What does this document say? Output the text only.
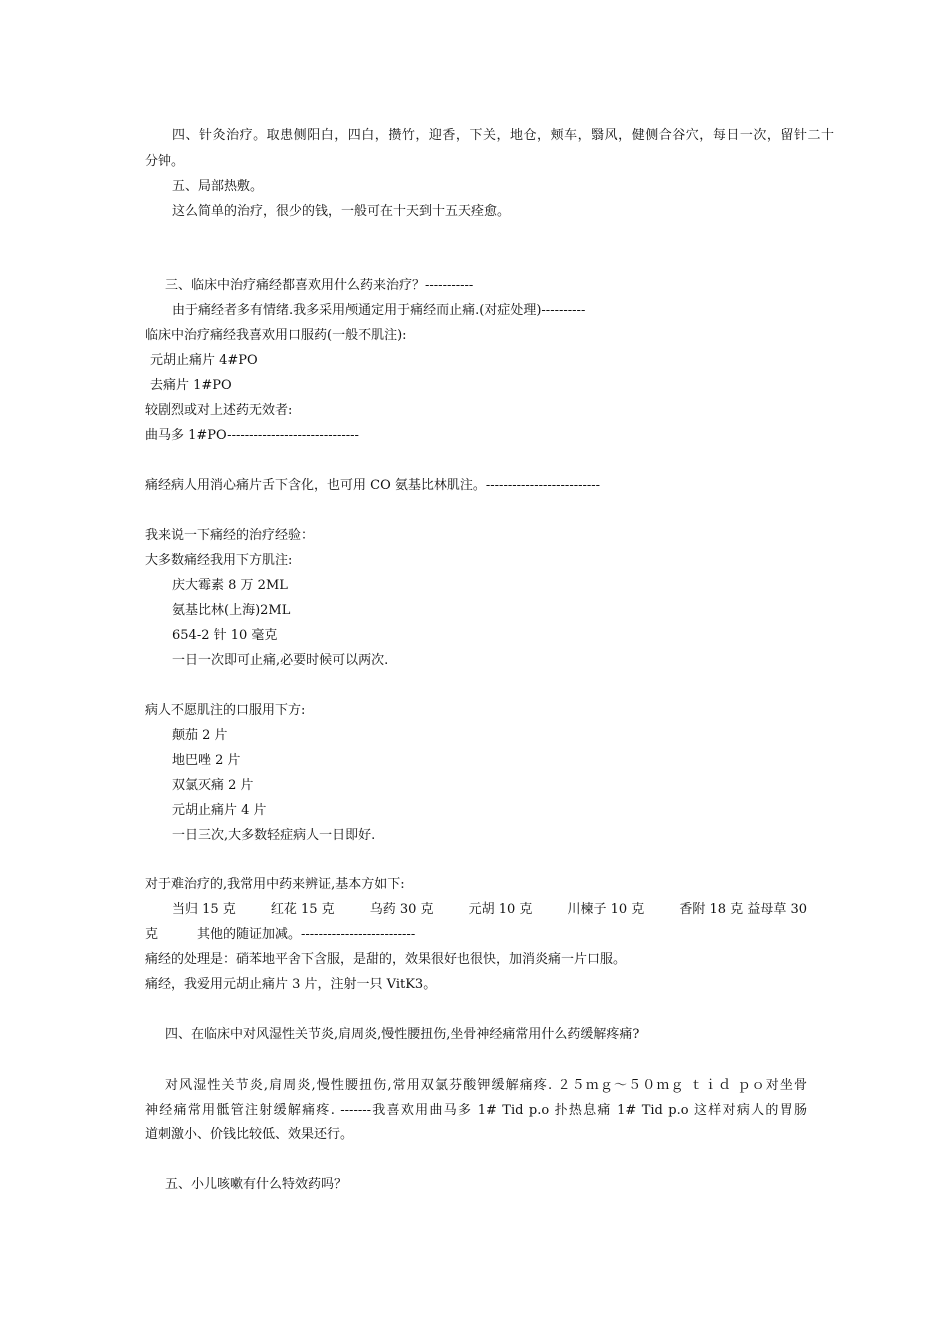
四、针灸治疗。取患侧阳白，四白，攒竹，迎香，下关，地仓，颊车，翳风，健侧合谷穴，每日一次，留针二十
分钟。
五、局部热敷。
这么简单的治疗，很少的钱，一般可在十天到十五天痊愈。
三、临床中治疗痛经都喜欢用什么药来治疗？-----------
由于痛经者多有情绪.我多采用颅通定用于痛经而止痛.(对症处理)----------
临床中治疗痛经我喜欢用口服药(一般不肌注):
元胡止痛片 4#PO
去痛片 1#PO
较剧烈或对上述药无效者:
曲马多 1#PO------------------------------
痛经病人用消心痛片舌下含化，也可用 CO 氨基比林肌注。--------------------------
我来说一下痛经的治疗经验：
大多数痛经我用下方肌注:
庆大霉素 8 万 2ML
氨基比林(上海)2ML
654-2 针 10 毫克
一日一次即可止痛,必要时候可以两次.
病人不愿肌注的口服用下方:
颠茄 2 片
地巴唑 2 片
双氯灭痛 2 片
元胡止痛片 4 片
一日三次,大多数轻症病人一日即好.
对于难治疗的,我常用中药来辨证,基本方如下:
当归 15 克	红花 15 克	乌药 30 克	元胡 10 克	川楝子 10 克	香附 18 克 益母草 30
克　　　其他的随证加减。--------------------------
痛经的处理是：硝苯地平舍下含服，是甜的，效果很好也很快，加消炎痛一片口服。
痛经，我爱用元胡止痛片 3 片，注射一只 VitK3。
四、在临床中对风湿性关节炎,肩周炎,慢性腰扭伤,坐骨神经痛常用什么药缓解疼痛?
对风湿性关节炎,肩周炎,慢性腰扭伤,常用双氯芬酸钾缓解痛疼. ２５ｍｇ～５０ｍｇ ｔｉｄ ｐｏ对坐骨
神经痛常用骶管注射缓解痛疼. -------我喜欢用曲马多 1# Tid p.o 扑热息痛 1# Tid p.o 这样对病人的胃肠
道刺激小、价钱比较低、效果还行。
五、小儿咳嗽有什么特效药吗？
